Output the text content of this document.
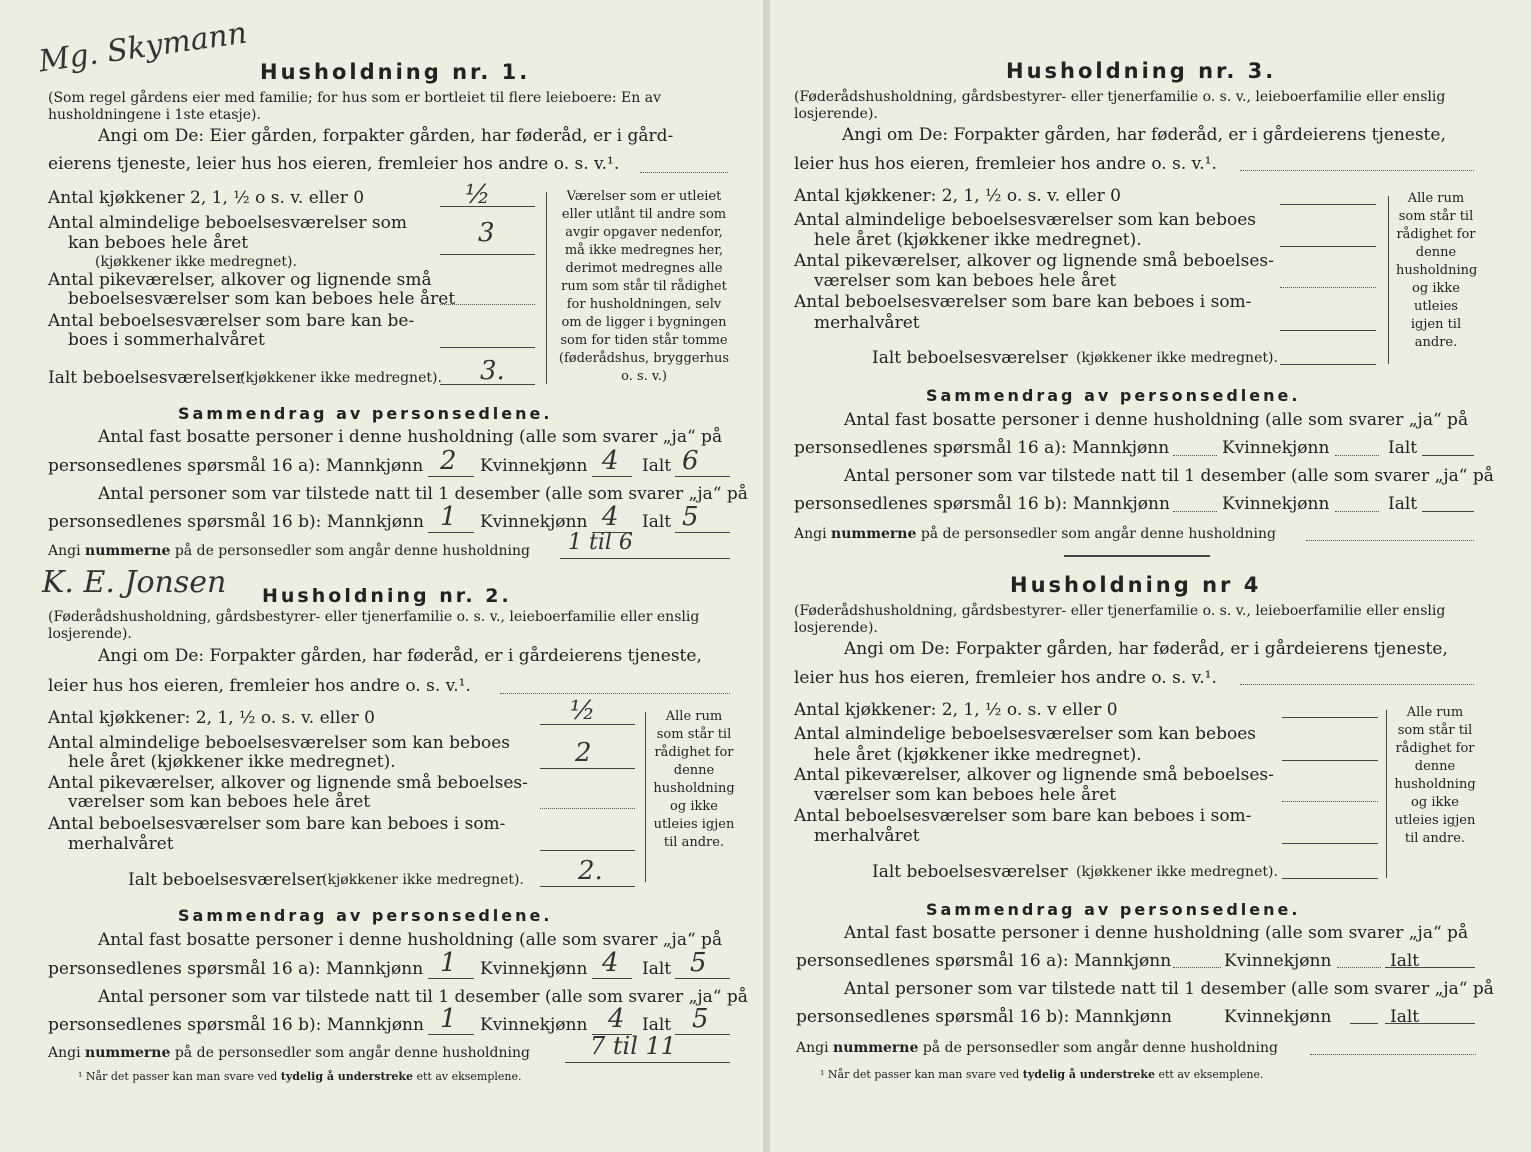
Mg. Skymann Husholdning nr. 1.
(Som regel gårdens eier med familie; for hus som er bortleiet til flere leieboere: En av husholdningene i 1ste etasje).
Angi om De: Eier gården, forpakter gården, har føderåd, er i gård-
eierens tjeneste, leier hus hos eieren, fremleier hos andre o. s. v.¹.
Antal kjøkkener 2, 1, ½ o s. v. eller 0	½
Antal almindelige beboelsesværelser som
kan beboes hele året
(kjøkkener ikke medregnet).
3
Antal pikeværelser, alkover og lignende små
beboelsesværelser som kan beboes hele året
Antal beboelsesværelser som bare kan be-
boes i sommerhalvåret
Ialt beboelsesværelser
(kjøkkener ikke medregnet). 3.
Værelser som er utleiet eller utlånt til andre som avgir opgaver nedenfor, må ikke medregnes her, derimot medregnes alle rum som står til rådighet for husholdningen, selv om de ligger i bygningen som for tiden står tomme (føderådshus, bryggerhus o. s. v.)
Sammendrag av personsedlene.
Antal fast bosatte personer i denne husholdning (alle som svarer „ja“ på
personsedlenes spørsmål 16 a): Mannkjønn 2 Kvinnekjønn 4 Ialt 6
Antal personer som var tilstede natt til 1 desember (alle som svarer „ja“ på
personsedlenes spørsmål 16 b): Mannkjønn 1 Kvinnekjønn 4 Ialt 5
Angi nummerne på de personsedler som angår denne husholdning 1 til 6
K. E. Jonsen Husholdning nr. 2.
(Føderådshusholdning, gårdsbestyrer- eller tjenerfamilie o. s. v., leieboerfamilie eller enslig losjerende).
Angi om De: Forpakter gården, har føderåd, er i gårdeierens tjeneste,
leier hus hos eieren, fremleier hos andre o. s. v.¹.
Antal kjøkkener: 2, 1, ½ o. s. v. eller 0	½
Antal almindelige beboelsesværelser som kan beboes
hele året (kjøkkener ikke medregnet).	2
Antal pikeværelser, alkover og lignende små beboelses-
værelser som kan beboes hele året
Antal beboelsesværelser som bare kan beboes i som-
merhalvåret
Ialt beboelsesværelser
(kjøkkener ikke medregnet). 2.
Alle rum som står til rådighet for denne husholdning og ikke utleies igjen til andre.
Sammendrag av personsedlene.
Antal fast bosatte personer i denne husholdning (alle som svarer „ja“ på
personsedlenes spørsmål 16 a): Mannkjønn 1 Kvinnekjønn 4 Ialt 5
Antal personer som var tilstede natt til 1 desember (alle som svarer „ja“ på
personsedlenes spørsmål 16 b): Mannkjønn 1 Kvinnekjønn 4 Ialt 5
Angi nummerne på de personsedler som angår denne husholdning	7 til 11
¹ Når det passer kan man svare ved tydelig å understreke ett av eksemplene.
Husholdning nr. 3.
(Føderådshusholdning, gårdsbestyrer- eller tjenerfamilie o. s. v., leieboerfamilie eller enslig losjerende).
Angi om De: Forpakter gården, har føderåd, er i gårdeierens tjeneste,
leier hus hos eieren, fremleier hos andre o. s. v.¹.
Antal kjøkkener: 2, 1, ½ o. s. v. eller 0
Antal almindelige beboelsesværelser som kan beboes
hele året (kjøkkener ikke medregnet).
Antal pikeværelser, alkover og lignende små beboelses-
værelser som kan beboes hele året
Antal beboelsesværelser som bare kan beboes i som-
merhalvåret
Ialt beboelsesværelser (kjøkkener ikke medregnet).
Alle rum som står til rådighet for denne husholdning og ikke utleies igjen til andre.
Sammendrag av personsedlene.
Antal fast bosatte personer i denne husholdning (alle som svarer „ja“ på
personsedlenes spørsmål 16 a): Mannkjønn	Kvinnekjønn	Ialt
Antal personer som var tilstede natt til 1 desember (alle som svarer „ja“ på
personsedlenes spørsmål 16 b): Mannkjønn	Kvinnekjønn	Ialt
Angi nummerne på de personsedler som angår denne husholdning
Husholdning nr 4
(Føderådshusholdning, gårdsbestyrer- eller tjenerfamilie o. s. v., leieboerfamilie eller enslig losjerende).
Angi om De: Forpakter gården, har føderåd, er i gårdeierens tjeneste,
leier hus hos eieren, fremleier hos andre o. s. v.¹.
Antal kjøkkener: 2, 1, ½ o. s. v eller 0
Antal almindelige beboelsesværelser som kan beboes
hele året (kjøkkener ikke medregnet).
Antal pikeværelser, alkover og lignende små beboelses-
værelser som kan beboes hele året
Antal beboelsesværelser som bare kan beboes i som-
merhalvåret
Ialt beboelsesværelser (kjøkkener ikke medregnet).
Alle rum som står til rådighet for denne husholdning og ikke utleies igjen til andre.
Sammendrag av personsedlene.
Antal fast bosatte personer i denne husholdning (alle som svarer „ja“ på
personsedlenes spørsmål 16 a): Mannkjønn	Kvinnekjønn	Ialt
Antal personer som var tilstede natt til 1 desember (alle som svarer „ja“ på
personsedlenes spørsmål 16 b): Mannkjønn	Kvinnekjønn	Ialt
Angi nummerne på de personsedler som angår denne husholdning
¹ Når det passer kan man svare ved tydelig å understreke ett av eksemplene.
